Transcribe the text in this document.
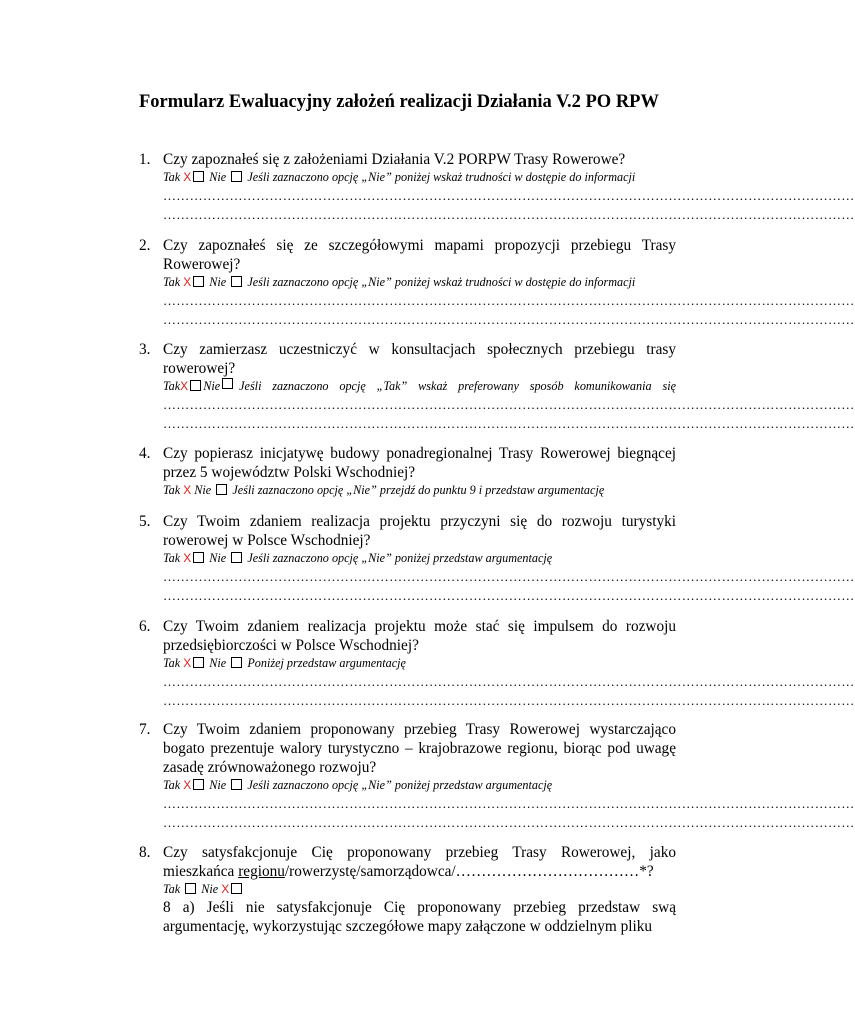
Formularz Ewaluacyjny założeń realizacji Działania V.2 PO RPW
1. Czy zapoznałeś się z założeniami Działania V.2 PORPW Trasy Rowerowe?
Tak X Nie Jeśli zaznaczono opcję „Nie” poniżej wskaż trudności w dostępie do informacji
…………………………………………………………………………………………………………………………………………
…………………………………………………………………………………………………………………………………………
2. Czy zapoznałeś się ze szczegółowymi mapami propozycji przebiegu Trasy Rowerowej?
Tak X Nie Jeśli zaznaczono opcję „Nie” poniżej wskaż trudności w dostępie do informacji
…………………………………………………………………………………………………………………………………………
…………………………………………………………………………………………………………………………………………
3. Czy zamierzasz uczestniczyć w konsultacjach społecznych przebiegu trasy rowerowej?
Tak X	Nie Jeśli zaznaczono opcję „Tak” wskaż preferowany sposób komunikowania się
…………………………………………………………………………………………………………………………………………
…………………………………………………………………………………………………………………………………………
4. Czy popierasz inicjatywę budowy ponadregionalnej Trasy Rowerowej biegnącej przez 5 województw Polski Wschodniej?
Tak X Nie Jeśli zaznaczono opcję „Nie” przejdź do punktu 9 i przedstaw argumentację
5. Czy Twoim zdaniem realizacja projektu przyczyni się do rozwoju turystyki rowerowej w Polsce Wschodniej?
Tak X Nie Jeśli zaznaczono opcję „Nie” poniżej przedstaw argumentację
…………………………………………………………………………………………………………………………………………
…………………………………………………………………………………………………………………………………………
6. Czy Twoim zdaniem realizacja projektu może stać się impulsem do rozwoju przedsiębiorczości w Polsce Wschodniej?
Tak X Nie Poniżej przedstaw argumentację
…………………………………………………………………………………………………………………………………………
…………………………………………………………………………………………………………………………………………
7. Czy Twoim zdaniem proponowany przebieg Trasy Rowerowej wystarczająco bogato prezentuje walory turystyczno – krajobrazowe regionu, biorąc pod uwagę zasadę zrównoważonego rozwoju?
Tak X Nie Jeśli zaznaczono opcję „Nie” poniżej przedstaw argumentację
…………………………………………………………………………………………………………………………………………
…………………………………………………………………………………………………………………………………………
8. Czy satysfakcjonuje Cię proponowany przebieg Trasy Rowerowej, jako mieszkańca regionu/rowerzystę/samorządowca/………………………………*?
Tak Nie X
8 a) Jeśli nie satysfakcjonuje Cię proponowany przebieg przedstaw swą argumentację, wykorzystując szczegółowe mapy załączone w oddzielnym pliku
